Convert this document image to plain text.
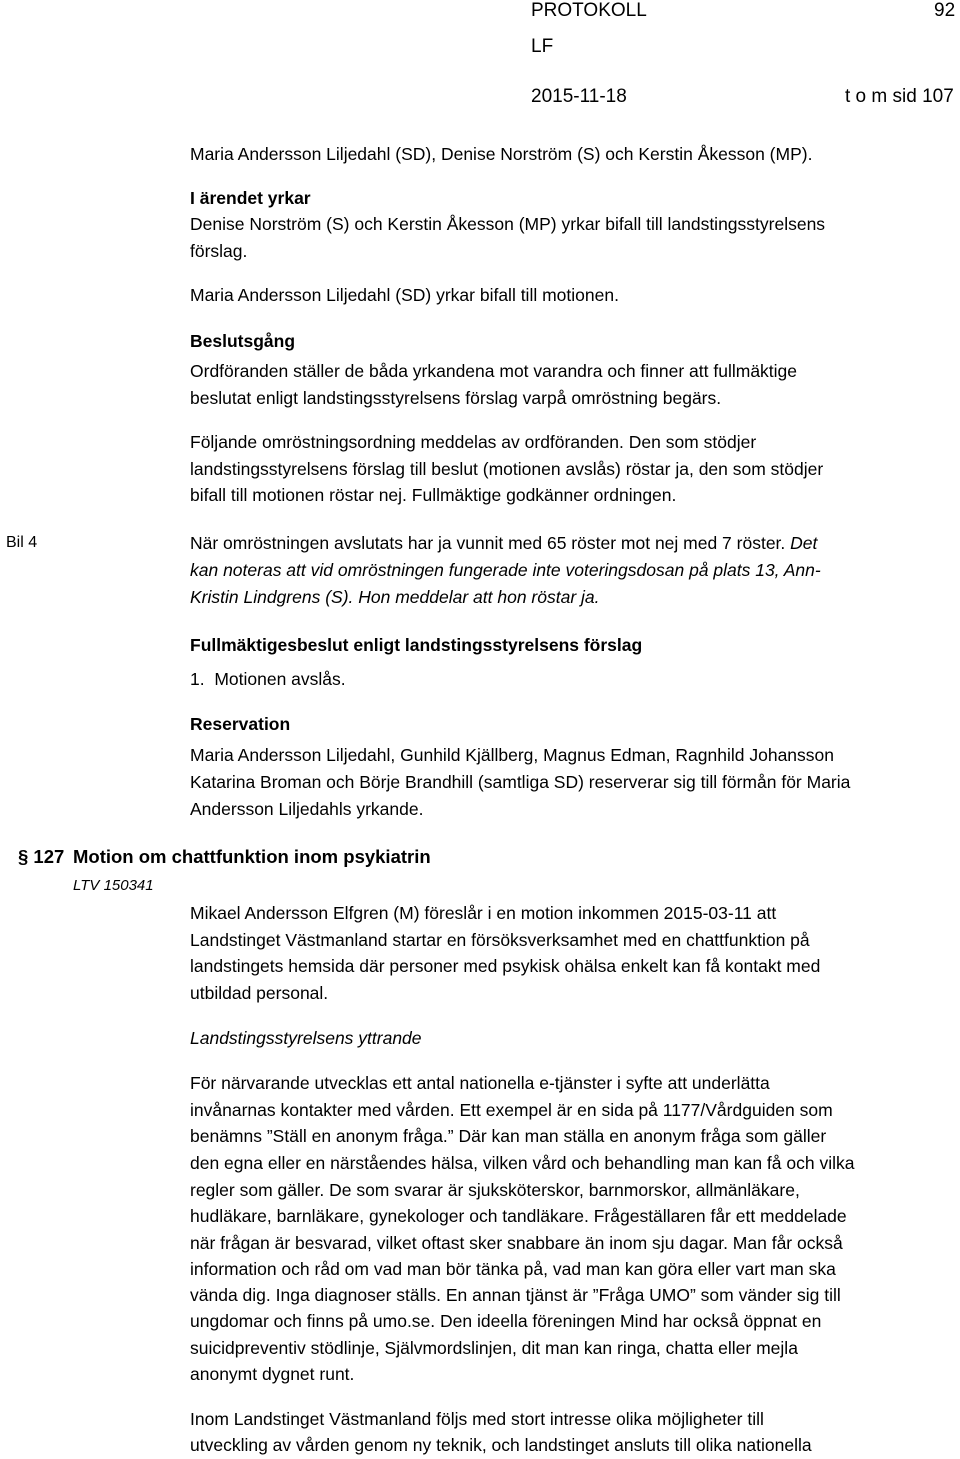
PROTOKOLL	92
LF
2015-11-18	t o m sid 107
Maria Andersson Liljedahl (SD), Denise Norström (S) och Kerstin Åkesson (MP).
I ärendet yrkar
Denise Norström (S) och Kerstin Åkesson (MP) yrkar bifall till landstingsstyrelsens
förslag.
Maria Andersson Liljedahl (SD) yrkar bifall till motionen.
Beslutsgång
Ordföranden ställer de båda yrkandena mot varandra och finner att fullmäktige
beslutat enligt landstingsstyrelsens förslag varpå omröstning begärs.
Följande omröstningsordning meddelas av ordföranden. Den som stödjer
landstingsstyrelsens förslag till beslut (motionen avslås) röstar ja, den som stödjer
bifall till motionen röstar nej. Fullmäktige godkänner ordningen.
Bil 4	När omröstningen avslutats har ja vunnit med 65 röster mot nej med 7 röster. Det
kan noteras att vid omröstningen fungerade inte voteringsdosan på plats 13, Ann-
Kristin Lindgrens (S). Hon meddelar att hon röstar ja.
Fullmäktigesbeslut enligt landstingsstyrelsens förslag
1.  Motionen avslås.
Reservation
Maria Andersson Liljedahl, Gunhild Kjällberg, Magnus Edman, Ragnhild Johansson
Katarina Broman och Börje Brandhill (samtliga SD) reserverar sig till förmån för Maria
Andersson Liljedahls yrkande.
§ 127 Motion om chattfunktion inom psykiatrin
LTV 150341
Mikael Andersson Elfgren (M) föreslår i en motion inkommen 2015-03-11 att
Landstinget Västmanland startar en försöksverksamhet med en chattfunktion på
landstingets hemsida där personer med psykisk ohälsa enkelt kan få kontakt med
utbildad personal.
Landstingsstyrelsens yttrande
För närvarande utvecklas ett antal nationella e-tjänster i syfte att underlätta
invånarnas kontakter med vården. Ett exempel är en sida på 1177/Vårdguiden som
benämns ”Ställ en anonym fråga.” Där kan man ställa en anonym fråga som gäller
den egna eller en närståendes hälsa, vilken vård och behandling man kan få och vilka
regler som gäller. De som svarar är sjuksköterskor, barnmorskor, allmänläkare,
hudläkare, barnläkare, gynekologer och tandläkare. Frågeställaren får ett meddelade
när frågan är besvarad, vilket oftast sker snabbare än inom sju dagar. Man får också
information och råd om vad man bör tänka på, vad man kan göra eller vart man ska
vända dig. Inga diagnoser ställs. En annan tjänst är ”Fråga UMO” som vänder sig till
ungdomar och finns på umo.se. Den ideella föreningen Mind har också öppnat en
suicidpreventiv stödlinje, Självmordslinjen, dit man kan ringa, chatta eller mejla
anonymt dygnet runt.
Inom Landstinget Västmanland följs med stort intresse olika möjligheter till
utveckling av vården genom ny teknik, och landstinget ansluts till olika nationella
